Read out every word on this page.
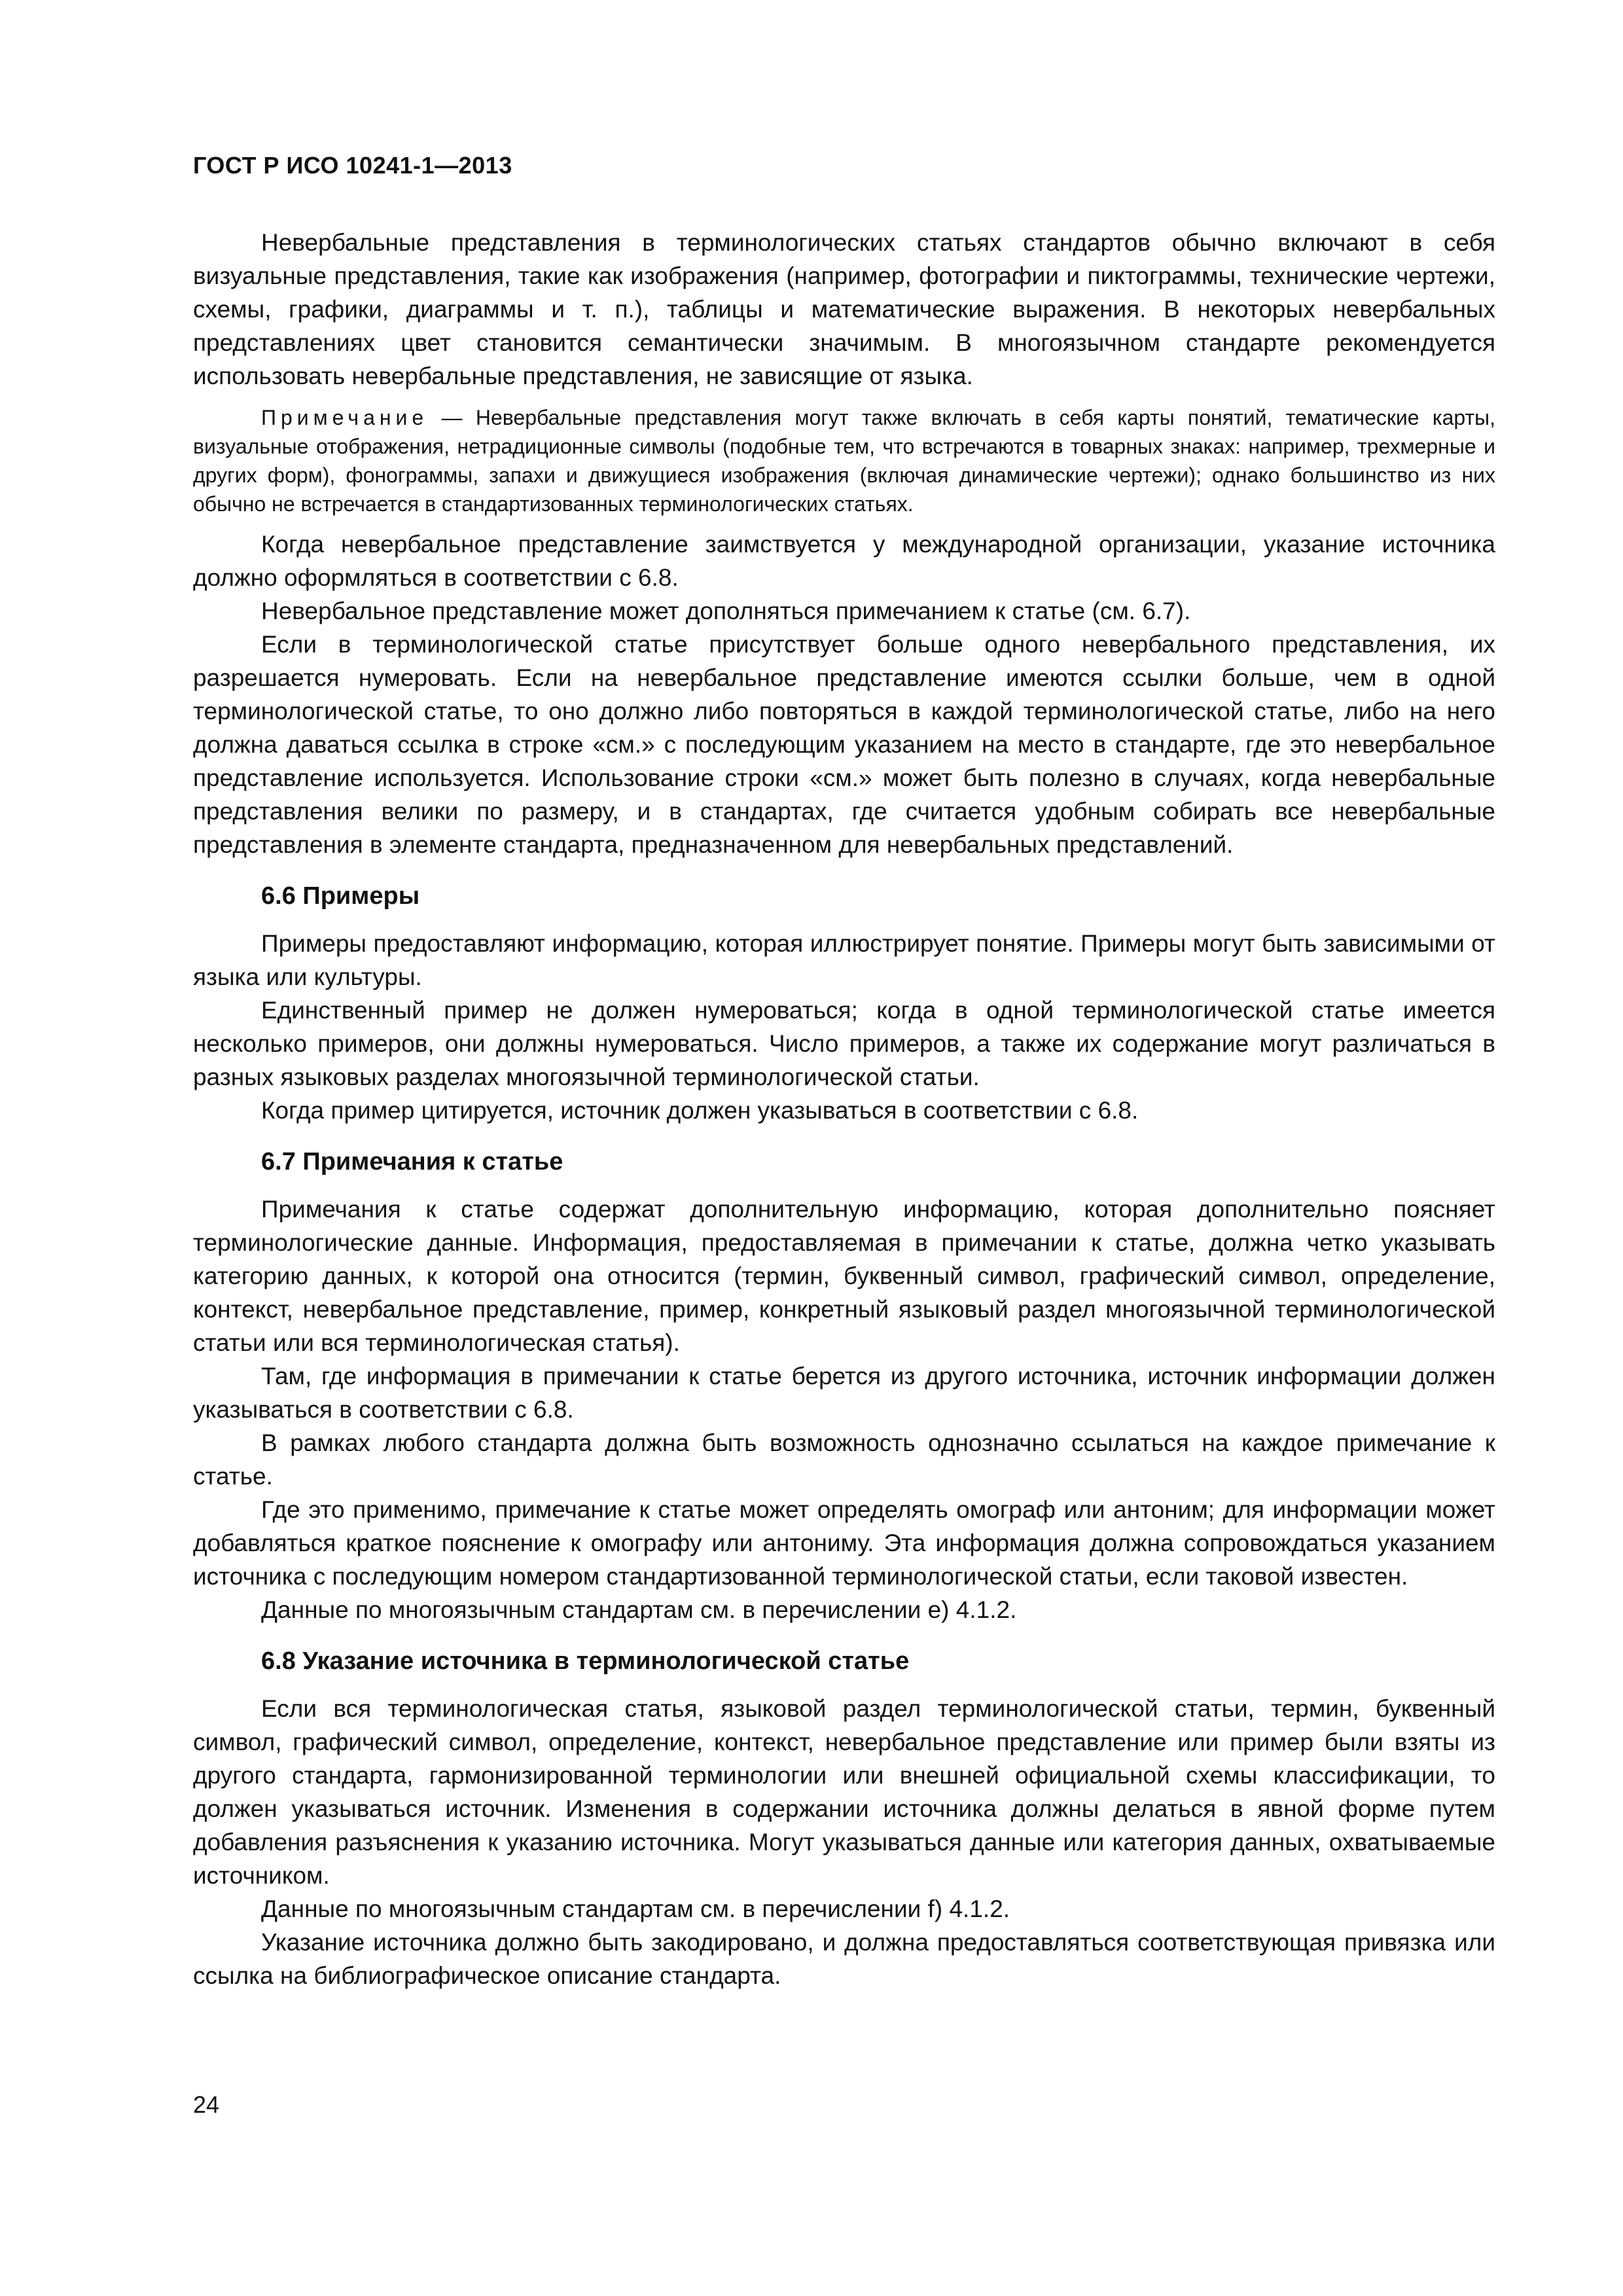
ГОСТ Р ИСО 10241-1—2013

Невербальные представления в терминологических статьях стандартов обычно включают в себя визуальные представления, такие как изображения (например, фотографии и пиктограммы, технические чертежи, схемы, графики, диаграммы и т. п.), таблицы и математические выражения. В некоторых невербальных представлениях цвет становится семантически значимым. В многоязычном стандарте рекомендуется использовать невербальные представления, не зависящие от языка.

Примечание — Невербальные представления могут также включать в себя карты понятий, тематические карты, визуальные отображения, нетрадиционные символы (подобные тем, что встречаются в товарных знаках: например, трехмерные и других форм), фонограммы, запахи и движущиеся изображения (включая динамические чертежи); однако большинство из них обычно не встречается в стандартизованных терминологических статьях.

Когда невербальное представление заимствуется у международной организации, указание источника должно оформляться в соответствии с 6.8.

Невербальное представление может дополняться примечанием к статье (см. 6.7).

Если в терминологической статье присутствует больше одного невербального представления, их разрешается нумеровать. Если на невербальное представление имеются ссылки больше, чем в одной терминологической статье, то оно должно либо повторяться в каждой терминологической статье, либо на него должна даваться ссылка в строке «см.» с последующим указанием на место в стандарте, где это невербальное представление используется. Использование строки «см.» может быть полезно в случаях, когда невербальные представления велики по размеру, и в стандартах, где считается удобным собирать все невербальные представления в элементе стандарта, предназначенном для невербальных представлений.

6.6 Примеры

Примеры предоставляют информацию, которая иллюстрирует понятие. Примеры могут быть зависимыми от языка или культуры.

Единственный пример не должен нумероваться; когда в одной терминологической статье имеется несколько примеров, они должны нумероваться. Число примеров, а также их содержание могут различаться в разных языковых разделах многоязычной терминологической статьи.

Когда пример цитируется, источник должен указываться в соответствии с 6.8.

6.7 Примечания к статье

Примечания к статье содержат дополнительную информацию, которая дополнительно поясняет терминологические данные. Информация, предоставляемая в примечании к статье, должна четко указывать категорию данных, к которой она относится (термин, буквенный символ, графический символ, определение, контекст, невербальное представление, пример, конкретный языковый раздел многоязычной терминологической статьи или вся терминологическая статья).

Там, где информация в примечании к статье берется из другого источника, источник информации должен указываться в соответствии с 6.8.

В рамках любого стандарта должна быть возможность однозначно ссылаться на каждое примечание к статье.

Где это применимо, примечание к статье может определять омограф или антоним; для информации может добавляться краткое пояснение к омографу или антониму. Эта информация должна сопровождаться указанием источника с последующим номером стандартизованной терминологической статьи, если таковой известен.

Данные по многоязычным стандартам см. в перечислении е) 4.1.2.

6.8 Указание источника в терминологической статье

Если вся терминологическая статья, языковой раздел терминологической статьи, термин, буквенный символ, графический символ, определение, контекст, невербальное представление или пример были взяты из другого стандарта, гармонизированной терминологии или внешней официальной схемы классификации, то должен указываться источник. Изменения в содержании источника должны делаться в явной форме путем добавления разъяснения к указанию источника. Могут указываться данные или категория данных, охватываемые источником.

Данные по многоязычным стандартам см. в перечислении f) 4.1.2.

Указание источника должно быть закодировано, и должна предоставляться соответствующая привязка или ссылка на библиографическое описание стандарта.

24
